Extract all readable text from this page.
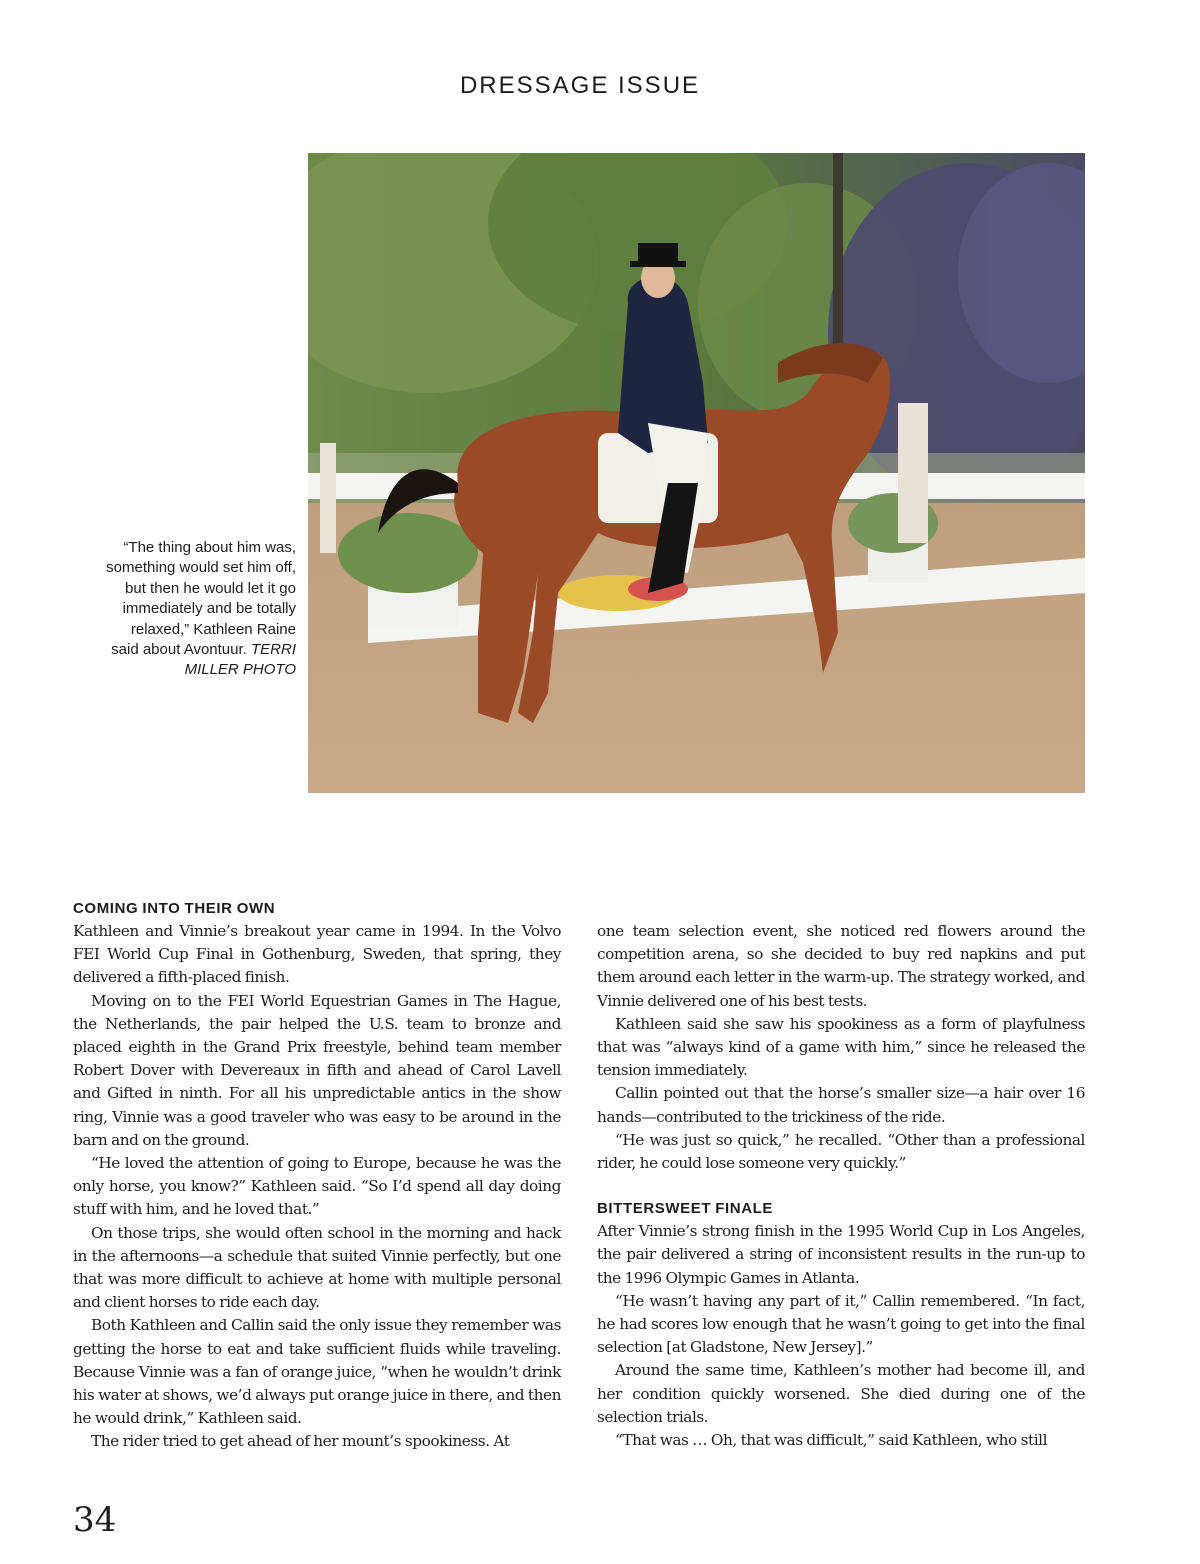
DRESSAGE ISSUE
“The thing about him was, something would set him off, but then he would let it go immediately and be totally relaxed,” Kathleen Raine said about Avontuur. TERRI MILLER PHOTO
COMING INTO THEIR OWN

Kathleen and Vinnie’s breakout year came in 1994. In the Volvo FEI World Cup Final in Gothenburg, Sweden, that spring, they delivered a fifth-placed finish.

Moving on to the FEI World Equestrian Games in The Hague, the Netherlands, the pair helped the U.S. team to bronze and placed eighth in the Grand Prix freestyle, behind team member Robert Dover with Devereaux in fifth and ahead of Carol Lavell and Gifted in ninth. For all his unpredictable antics in the show ring, Vinnie was a good traveler who was easy to be around in the barn and on the ground.

“He loved the attention of going to Europe, because he was the only horse, you know?” Kathleen said. “So I’d spend all day doing stuff with him, and he loved that.”

On those trips, she would often school in the morning and hack in the afternoons—a schedule that suited Vinnie perfectly, but one that was more difficult to achieve at home with multiple personal and client horses to ride each day.

Both Kathleen and Callin said the only issue they remember was getting the horse to eat and take sufficient fluids while traveling. Because Vinnie was a fan of orange juice, “when he wouldn’t drink his water at shows, we’d always put orange juice in there, and then he would drink,” Kathleen said.

The rider tried to get ahead of her mount’s spookiness. At

one team selection event, she noticed red flowers around the competition arena, so she decided to buy red napkins and put them around each letter in the warm-up. The strategy worked, and Vinnie delivered one of his best tests.

Kathleen said she saw his spookiness as a form of playfulness that was “always kind of a game with him,” since he released the tension immediately.

Callin pointed out that the horse’s smaller size—a hair over 16 hands—contributed to the trickiness of the ride.

“He was just so quick,” he recalled. “Other than a professional rider, he could lose someone very quickly.”

BITTERSWEET FINALE

After Vinnie’s strong finish in the 1995 World Cup in Los Angeles, the pair delivered a string of inconsistent results in the run-up to the 1996 Olympic Games in Atlanta.

“He wasn’t having any part of it,” Callin remembered. “In fact, he had scores low enough that he wasn’t going to get into the final selection [at Gladstone, New Jersey].”

Around the same time, Kathleen’s mother had become ill, and her condition quickly worsened. She died during one of the selection trials.

“That was … Oh, that was difficult,” said Kathleen, who still

34
